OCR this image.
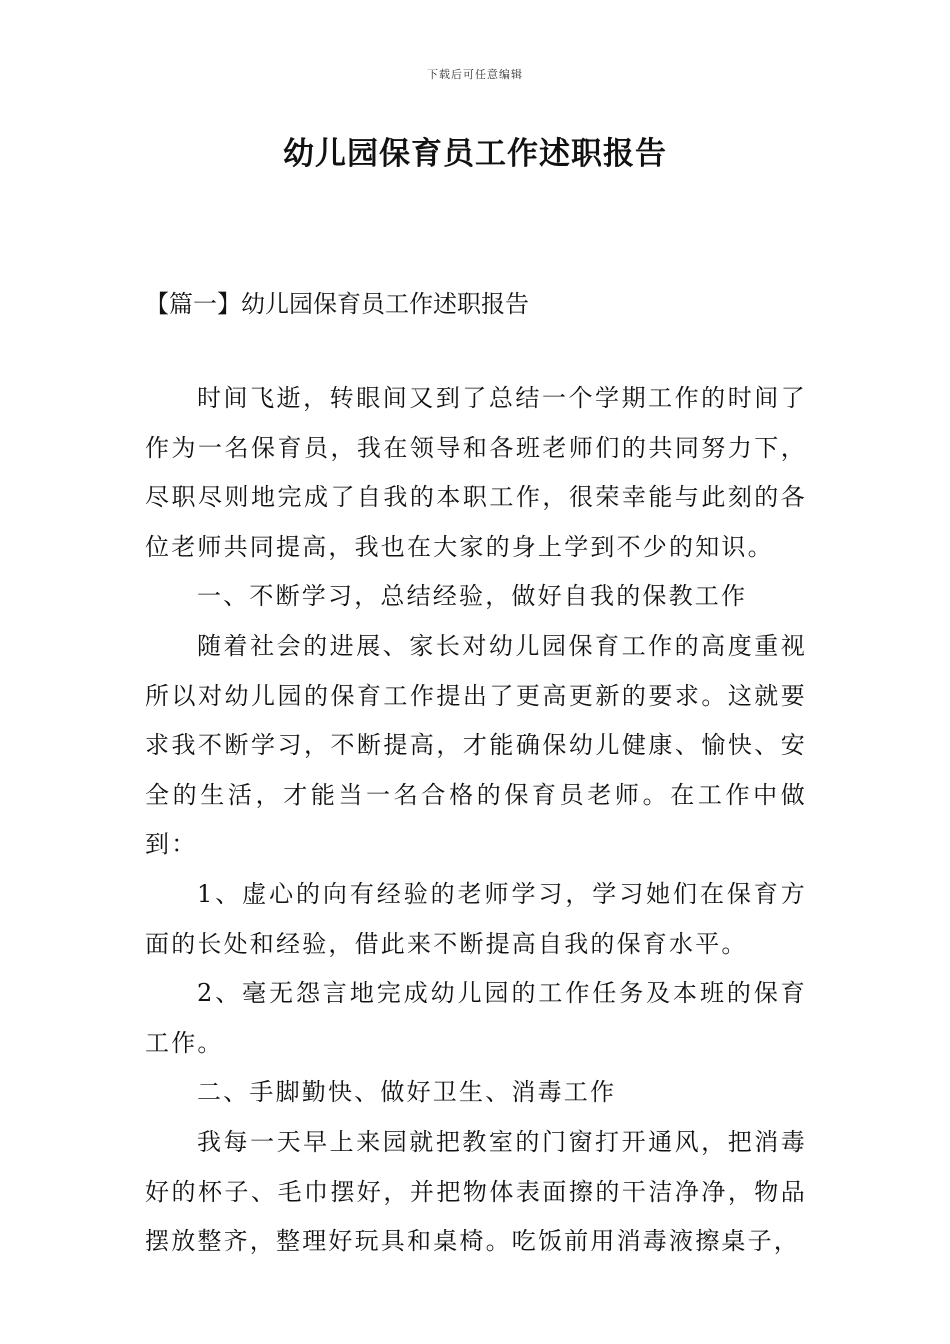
下载后可任意编辑
幼儿园保育员工作述职报告
【篇一】幼儿园保育员工作述职报告

时间飞逝，转眼间又到了总结一个学期工作的时间了作为一名保育员，我在领导和各班老师们的共同努力下，尽职尽则地完成了自我的本职工作，很荣幸能与此刻的各位老师共同提高，我也在大家的身上学到不少的知识。

一、不断学习，总结经验，做好自我的保教工作

随着社会的进展、家长对幼儿园保育工作的高度重视所以对幼儿园的保育工作提出了更高更新的要求。这就要求我不断学习，不断提高，才能确保幼儿健康、愉快、安全的生活，才能当一名合格的保育员老师。在工作中做到：

1、虚心的向有经验的老师学习，学习她们在保育方面的长处和经验，借此来不断提高自我的保育水平。

2、毫无怨言地完成幼儿园的工作任务及本班的保育工作。

二、手脚勤快、做好卫生、消毒工作

我每一天早上来园就把教室的门窗打开通风，把消毒好的杯子、毛巾摆好，并把物体表面擦的干洁净净，物品摆放整齐，整理好玩具和桌椅。吃饭前用消毒液擦桌子，
